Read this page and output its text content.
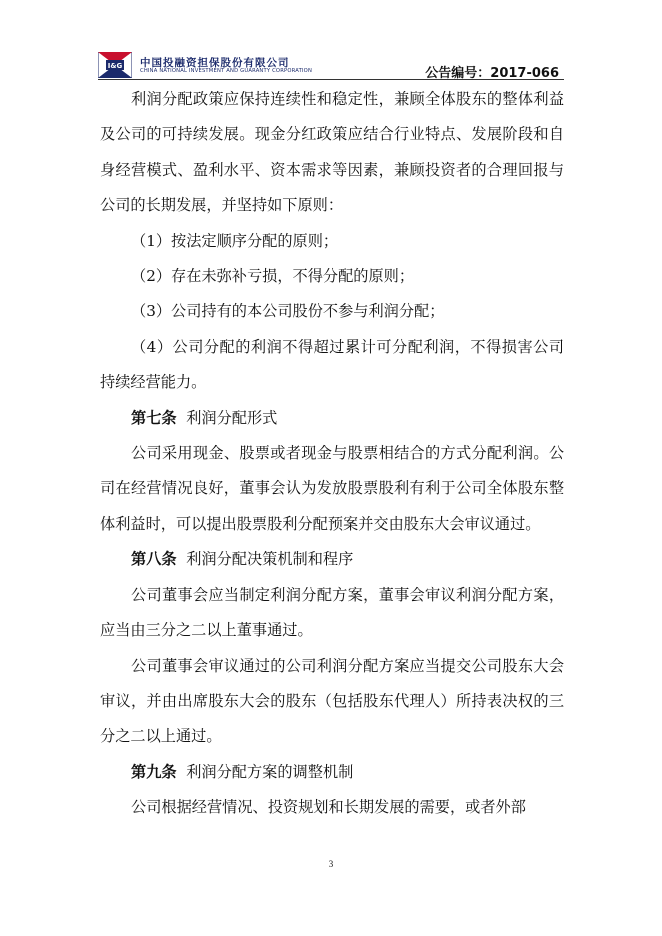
I&G 中国投融资担保股份有限公司
CHINA NATIONAL INVESTMENT AND GUARANTY CORPORATION	公告编号：2017-066

利润分配政策应保持连续性和稳定性，兼顾全体股东的整体利益及公司的可持续发展。现金分红政策应结合行业特点、发展阶段和自身经营模式、盈利水平、资本需求等因素，兼顾投资者的合理回报与公司的长期发展，并坚持如下原则：

（1）按法定顺序分配的原则；

（2）存在未弥补亏损，不得分配的原则；

（3）公司持有的本公司股份不参与利润分配；

（4）公司分配的利润不得超过累计可分配利润，不得损害公司持续经营能力。

第七条 利润分配形式

公司采用现金、股票或者现金与股票相结合的方式分配利润。公司在经营情况良好，董事会认为发放股票股利有利于公司全体股东整体利益时，可以提出股票股利分配预案并交由股东大会审议通过。

第八条 利润分配决策机制和程序

公司董事会应当制定利润分配方案，董事会审议利润分配方案，应当由三分之二以上董事通过。

公司董事会审议通过的公司利润分配方案应当提交公司股东大会审议，并由出席股东大会的股东（包括股东代理人）所持表决权的三分之二以上通过。

第九条 利润分配方案的调整机制

公司根据经营情况、投资规划和长期发展的需要，或者外部

3
